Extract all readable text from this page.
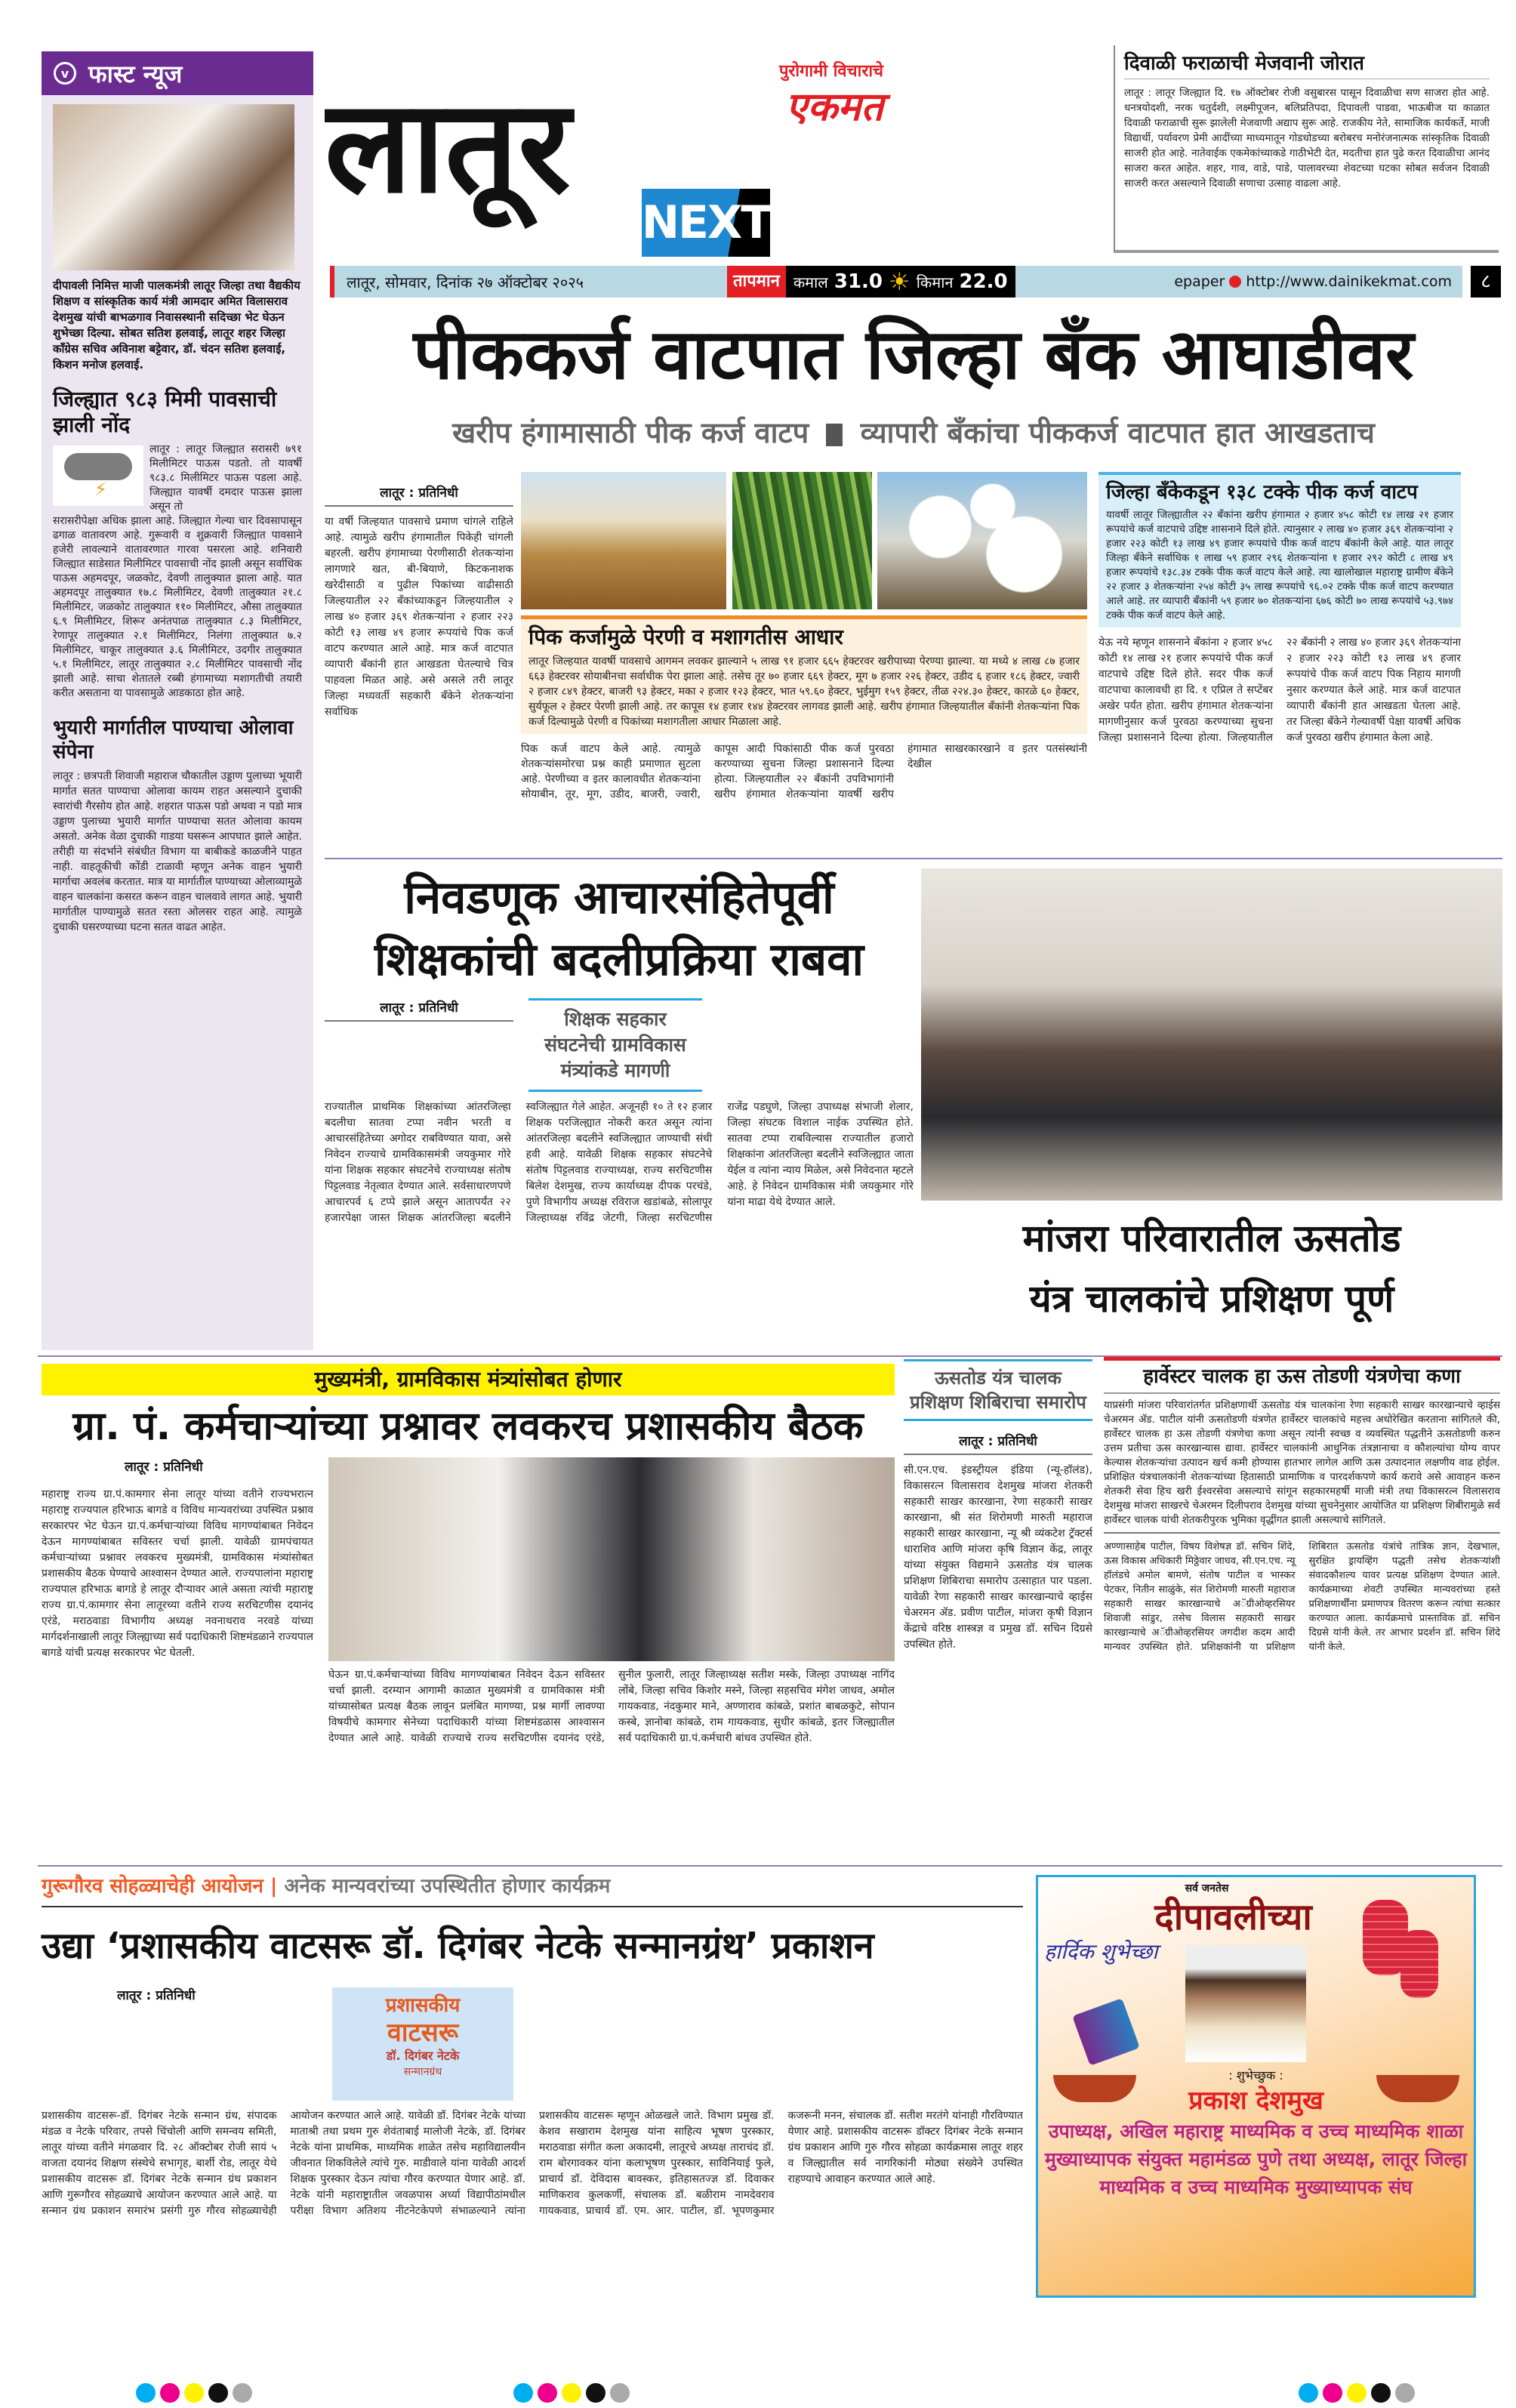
v फास्ट न्यूज
दीपावली निमित्त माजी पालकमंत्री लातूर जिल्हा तथा वैद्यकीय शिक्षण व सांस्कृतिक कार्य मंत्री आमदार अमित विलासराव देशमुख यांची बाभळगाव निवासस्थानी सदिच्छा भेट घेऊन शुभेच्छा दिल्या. सोबत सतिश हलवाई, लातूर शहर जिल्हा काँग्रेस सचिव अविनाश बट्टेवार, डॉ. चंदन सतिश हलवाई, किशन मनोज हलवाई.
जिल्ह्यात ९८३ मिमी पावसाची झाली नोंद
⚡

लातूर : लातूर जिल्ह्यात सरासरी ७९१ मिलीमिटर पाऊस पडतो. तो यावर्षी ९८३.८ मिलीमिटर पाऊस पडला आहे. जिल्ह्यात यावर्षी दमदार पाऊस झाला असून तो

सरासरीपेक्षा अधिक झाला आहे. जिल्ह्यात गेल्या चार दिवसापासून ढगाळ वातावरण आहे. गुरूवारी व शुक्रवारी जिल्ह्यात पावसाने हजेरी लावल्याने वातावरणात गारवा पसरला आहे. शनिवारी जिल्ह्यात साडेसात मिलीमिटर पावसाची नोंद झाली असून सर्वाधिक पाऊस अहमदपूर, जळकोट, देवणी तालुक्यात झाला आहे. यात अहमदपूर तालुक्यात १७.८ मिलीमिटर, देवणी तालुक्यात २१.८ मिलीमिटर, जळकोट तालुक्यात ११० मिलीमिटर, औसा तालुक्यात ६.९ मिलीमिटर, शिरूर अनंतपाळ तालुक्यात ८.३ मिलीमिटर, रेणापूर तालुक्यात २.१ मिलीमिटर, निलंगा तालुक्यात ७.२ मिलीमिटर, चाकूर तालुक्यात ३.६ मिलीमिटर, उदगीर तालुक्यात ५.१ मिलीमिटर, लातूर तालुक्यात २.८ मिलीमिटर पावसाची नोंद झाली आहे. साचा शेतातले रब्बी हंगामाच्या मशागतीची तयारी करीत असताना या पावसामुळे आडकाठा होत आहे.

भुयारी मार्गातील पाण्याचा ओलावा संपेना

लातूर : छत्रपती शिवाजी महाराज चौकातील उड्डाण पुलाच्या भूयारी मार्गात सतत पाण्याचा ओलावा कायम राहत असल्याने दुचाकी स्वारांची गैरसोय होत आहे. शहरात पाऊस पडो अथवा न पडो मात्र उड्डाण पुलाच्या भुयारी मार्गात पाण्याचा सतत ओलावा कायम असतो. अनेक वेळा दुचाकी गाडया घसरून आपघात झाले आहेत. तरीही या संदर्भाने संबंधीत विभाग या बाबीकडे काळजीने पाहत नाही. वाहतूकीची कोंडी टाळावी म्हणून अनेक वाहन भुयारी मार्गाचा अवलंब करतात. मात्र या मार्गातील पाण्याच्या ओलाव्यामुळे वाहन चालकांना कसरत करून वाहन चालवावे लागत आहे. भुयारी मार्गातील पाण्यामुळे सतत रस्ता ओलसर राहत आहे. त्यामुळे दुचाकी घसरण्याच्या घटना सतत वाढत आहेत.

लातूर
पुरोगामी विचाराचे
एकमत
NEXT
दिवाळी फराळाची मेजवानी जोरात

लातूर : लातूर जिल्ह्यात दि. १७ ऑक्टोबर रोजी वसुबारस पासून दिवाळीचा सण साजरा होत आहे. धनत्रयोदशी, नरक चतुर्दशी, लक्ष्मीपूजन, बलिप्रतिपदा, दिपावली पाडवा, भाऊबीज या काळात दिवाळी फराळाची सुरू झालेली मेजवाणी अद्याप सुरू आहे. राजकीय नेते, सामाजिक कार्यकर्ते, माजी विद्यार्थी, पर्यावरण प्रेमी आदींच्या माध्यमातून गोडधोडच्या बरोबरच मनोरंजनात्मक सांस्कृतिक दिवाळी साजरी होत आहे. नातेवाईक एकमेकांच्याकडे गाठीभेटी देत, मदतीचा हात पुढे करत दिवाळीचा आनंद साजरा करत आहेत. शहर, गाव, वाडे, पाडे, पालावरच्या शेवटच्या घटका सोबत सर्वजन दिवाळी साजरी करत असल्याने दिवाळी सणाचा उत्साह वाढला आहे.

लातूर, सोमवार, दिनांक २७ ऑक्टोबर २०२५	तापमान कमाल 31.0 ☀ किमान 22.0	epaper http://www.dainikekmat.com	८
पीककर्ज वाटपात जिल्हा बँक आघाडीवर
खरीप हंगामासाठी पीक कर्ज वाटप व्यापारी बँकांचा पीककर्ज वाटपात हात आखडताच
लातूर : प्रतिनिधी

या वर्षी जिल्हयात पावसाचे प्रमाण चांगले राहिले आहे. त्यामुळे खरीप हंगामातील पिकेही चांगली बहरली. खरीप हंगामाच्या पेरणीसाठी शेतकऱ्यांना लागणारे खत, बी-बियाणे, किटकनाशक खरेदीसाठी व पुढील पिकांच्या वाढीसाठी जिल्हयातील २२ बँकांच्याकडून जिल्हयातील २ लाख ४० हजार ३६९ शेतकऱ्यांना २ हजार २२३ कोटी १३ लाख ४९ हजार रूपयांचे पिक कर्ज वाटप करण्यात आले आहे. मात्र कर्ज वाटपात व्यापारी बँकांनी हात आखडता घेतल्याचे चित्र पाहवला मिळत आहे. असे असले तरी लातूर जिल्हा मध्यवर्ती सहकारी बँकेने शेतकऱ्यांना सर्वाधिक

पिक कर्जामुळे पेरणी व मशागतीस आधार

लातूर जिल्हयात यावर्षी पावसाचे आगमन लवकर झाल्याने ५ लाख ९१ हजार ६६५ हेक्टरवर खरीपाच्या पेरण्या झाल्या. या मध्ये ४ लाख ८७ हजार ६६३ हेक्टरवर सोयाबीनचा सर्वाधीक पेरा झाला आहे. तसेच तूर ७० हजार ६६९ हेक्टर, मूग ७ हजार २२६ हेक्टर, उडीद ६ हजार १८६ हेक्टर, ज्वारी २ हजार ८४९ हेक्टर, बाजरी ९३ हेक्टर, मका २ हजार १२३ हेक्टर, भात ५९.६० हेक्टर, भुईमुग १५९ हेक्टर, तीळ २२४.३० हेक्टर, कारळे ६० हेक्टर, सुर्यफूल २ हेक्टर पेरणी झाली आहे. तर कापूस १४ हजार १४४ हेक्टरवर लागवड झाली आहे. खरीप हंगामात जिल्हयातील बँकांनी शेतकऱ्यांना पिक कर्ज दिल्यामुळे पेरणी व पिकांच्या मशागतीला आधार मिळाला आहे.

पिक कर्ज वाटप केले आहे. त्यामुळे शेतकऱ्यांसमोरचा प्रश्न काही प्रमाणात सुटला आहे. पेरणीच्या व इतर कालावधीत शेतकऱ्यांना सोयाबीन, तूर, मूग, उडीद, बाजरी, ज्वारी, कापूस आदी पिकांसाठी पीक कर्ज पुरवठा करण्याच्या सुचना जिल्हा प्रशासनाने दिल्या होत्या. जिल्हयातील २२ बँकांनी उपविभागांनी खरीप हंगामात शेतकऱ्यांना यावर्षी खरीप हंगामात साखरकारखाने व इतर पतसंस्थांनी देखील

जिल्हा बँकेकडून १३८ टक्के पीक कर्ज वाटप

यावर्षी लातूर जिल्ह्यातील २२ बँकांना खरीप हंगामात २ हजार ४५८ कोटी १४ लाख २१ हजार रूपयांचे कर्ज वाटपाचे उद्दिष्ट शासनाने दिले होते. त्यानुसार २ लाख ४० हजार ३६९ शेतकऱ्यांना २ हजार २२३ कोटी १३ लाख ४९ हजार रूपयांचे पीक कर्ज वाटप बँकांनी केले आहे. यात लातूर जिल्हा बँकेने सर्वाधिक १ लाख ५९ हजार २९६ शेतकऱ्यांना १ हजार २९२ कोटी ८ लाख ४९ हजार रूपयांचे १३८.३४ टक्के पीक कर्ज वाटप केले आहे. त्या खालोखाल महाराष्ट्र ग्रामीण बँकेने २२ हजार ३ शेतकऱ्यांना २५४ कोटी ३५ लाख रूपयांचे ९६.०२ टक्के पीक कर्ज वाटप करण्यात आले आहे. तर व्यापारी बँकांनी ५९ हजार ७० शेतकऱ्यांना ६७६ कोटी ७० लाख रूपयांचे ५३.९७४ टक्के पीक कर्ज वाटप केले आहे.

येऊ नये म्हणून शासनाने बँकांना २ हजार ४५८ कोटी १४ लाख २१ हजार रूपयांचे पीक कर्ज वाटपाचे उद्दिष्ट दिले होते. सदर पीक कर्ज वाटपाचा कालावधी हा दि. १ एप्रिल ते सप्टेंबर अखेर पर्यंत होता. खरीप हंगामात शेतकऱ्यांना मागणीनुसार कर्ज पुरवठा करण्याच्या सुचना जिल्हा प्रशासनाने दिल्या होत्या. जिल्हयातील २२ बँकांनी २ लाख ४० हजार ३६९ शेतकऱ्यांना २ हजार २२३ कोटी १३ लाख ४९ हजार रूपयांचे पीक कर्ज वाटप पिक निहाय मागणी नुसार करण्यात केले आहे. मात्र कर्ज वाटपात व्यापारी बँकांनी हात आखडता घेतला आहे. तर जिल्हा बँकेने गेल्यावर्षी पेक्षा यावर्षी अधिक कर्ज पुरवठा खरीप हंगामात केला आहे.

निवडणूक आचारसंहितेपूर्वी
शिक्षकांची बदलीप्रक्रिया राबवा
लातूर : प्रतिनिधी	शिक्षक सहकार संघटनेची ग्रामविकास मंत्र्यांकडे मागणी

राज्यातील प्राथमिक शिक्षकांच्या आंतरजिल्हा बदलीचा सातवा टप्पा नवीन भरती व आचारसंहितेच्या अगोदर राबविण्यात यावा, असे निवेदन राज्याचे ग्रामविकासमंत्री जयकुमार गोरे यांना शिक्षक सहकार संघटनेचे राज्याध्यक्ष संतोष पिट्टलवाड नेतृत्वात देण्यात आले. सर्वसाधारणपणे आचारपर्व ६ टप्पे झाले असून आतापर्यंत २२ हजारपेक्षा जास्त शिक्षक आंतरजिल्हा बदलीने स्वजिल्ह्यात गेले आहेत. अजूनही १० ते १२ हजार शिक्षक परजिल्ह्यात नोकरी करत असून त्यांना आंतरजिल्हा बदलीने स्वजिल्ह्यात जाण्याची संधी हवी आहे. यावेळी शिक्षक सहकार संघटनेचे संतोष पिट्टलवाड राज्याध्यक्ष, राज्य सरचिटणीस बिलेश देशमुख, राज्य कार्याध्यक्ष दीपक परचंडे, पुणे विभागीय अध्यक्ष रविराज खडांबळे, सोलापूर जिल्हाध्यक्ष रविंद्र जेटगी, जिल्हा सरचिटणीस राजेंद्र पडघुणे, जिल्हा उपाध्यक्ष संभाजी शेलार, जिल्हा संघटक विशाल नाईक उपस्थित होते. सातवा टप्पा राबविल्यास राज्यातील हजारो शिक्षकांना आंतरजिल्हा बदलीने स्वजिल्ह्यात जाता येईल व त्यांना न्याय मिळेल, असे निवेदनात म्हटले आहे. हे निवेदन ग्रामविकास मंत्री जयकुमार गोरे यांना माढा येथे देण्यात आले.

मांजरा परिवारातील ऊसतोड
यंत्र चालकांचे प्रशिक्षण पूर्ण
मुख्यमंत्री, ग्रामविकास मंत्र्यांसोबत होणार
ग्रा. पं. कर्मचाऱ्यांच्या प्रश्नावर लवकरच प्रशासकीय बैठक
लातूर : प्रतिनिधी

महाराष्ट्र राज्य ग्रा.पं.कामगार सेना लातूर यांच्या वतीने राज्यभरात्न महाराष्ट्र राज्यपाल हरिभाऊ बागडे व विविध मान्यवरांच्या उपस्थित प्रश्नाव सरकारपर भेट घेऊन ग्रा.पं.कर्मचाऱ्यांच्या विविध मागण्यांबाबत निवेदन देऊन मागण्यांबाबत सविस्तर चर्चा झाली. यावेळी ग्रामपंचायत कर्मचाऱ्यांच्या प्रश्नावर लवकरच मुख्यमंत्री, ग्रामविकास मंत्र्यांसोबत प्रशासकीय बैठक घेण्याचे आश्वासन देण्यात आले. राज्यपालांना महाराष्ट्र राज्यपाल हरिभाऊ बागडे हे लातूर दौऱ्यावर आले असता त्यांची महाराष्ट्र राज्य ग्रा.पं.कामगार सेना लातूरच्या वतीने राज्य सरचिटणीस दयानंद एरंडे, मराठवाडा विभागीय अध्यक्ष नवनाथराव नरवडे यांच्या मार्गदर्शनाखाली लातूर जिल्ह्याच्या सर्व पदाधिकारी शिष्टमंडळाने राज्यपाल बागडे यांची प्रत्यक्ष सरकारपर भेट घेतली.

घेऊन ग्रा.पं.कर्मचाऱ्यांच्या विविध मागण्यांबाबत निवेदन देऊन सविस्तर चर्चा झाली. दरम्यान आगामी काळात मुख्यमंत्री व ग्रामविकास मंत्री यांच्यासोबत प्रत्यक्ष बैठक लावून प्रलंबित मागण्या, प्रश्न मार्गी लावण्या विषयीचे कामगार सेनेच्या पदाधिकारी यांच्या शिष्टमंडळास आश्वासन देण्यात आले आहे. यावेळी राज्याचे राज्य सरचिटणीस दयानंद एरंडे, सुनील फुलारी, लातूर जिल्हाध्यक्ष सतीश मस्के, जिल्हा उपाध्यक्ष नागिंद लोंबे, जिल्हा सचिव किशोर मस्ने, जिल्हा सहसचिव मंगेश जाधव, अमोल गायकवाड, नंदकुमार माने, अण्णाराव कांबळे, प्रशांत बाबळकुटे, सोपान कस्बे, ज्ञानोबा कांबळे, राम गायकवाड, सुधीर कांबळे, इतर जिल्ह्यातील सर्व पदाधिकारी ग्रा.पं.कर्मचारी बांधव उपस्थित होते.

ऊसतोड यंत्र चालक प्रशिक्षण शिबिराचा समारोप
लातूर : प्रतिनिधी

सी.एन.एच. इंडस्ट्रीयल इंडिया (न्यू-हॉलंड), विकासरत्न विलासराव देशमुख मांजरा शेतकरी सहकारी साखर कारखाना, रेणा सहकारी साखर कारखाना, श्री संत शिरोमणी मारुती महाराज सहकारी साखर कारखाना, न्यू श्री व्यंकटेश ट्रॅक्टर्स धाराशिव आणि मांजरा कृषि विज्ञान केंद्र, लातूर यांच्या संयुक्त विद्यमाने ऊसतोड यंत्र चालक प्रशिक्षण शिबिराचा समारोप उत्साहात पार पडला. यावेळी रेणा सहकारी साखर कारखान्याचे व्हाईस चेअरमन ॲड. प्रवीण पाटील, मांजरा कृषी विज्ञान केंद्राचे वरिष्ठ शास्त्रज्ञ व प्रमुख डॉ. सचिन दिग्रसे उपस्थित होते.

हार्वेस्टर चालक हा ऊस तोडणी यंत्रणेचा कणा

याप्रसंगी मांजरा परिवारांतर्गत प्रशिक्षणार्थी ऊसतोड यंत्र चालकांना रेणा सहकारी साखर कारखान्याचे व्हाईस चेअरमन ॲड. पाटील यांनी ऊसतोडणी यंत्रणेत हार्वेस्टर चालकांचे महत्त्व अधोरेखित करताना सांगितले की, हार्वेस्टर चालक हा ऊस तोडणी यंत्रणेचा कणा असून त्यांनी स्वच्छ व व्यवस्थित पद्धतीने ऊसतोडणी करुन उत्तम प्रतीचा ऊस कारखान्यास द्यावा. हार्वेस्टर चालकांनी आधुनिक तंत्रज्ञानाचा व कौशल्यांचा योग्य वापर केल्यास शेतकऱ्यांचा उत्पादन खर्च कमी होण्यास हातभार लागेल आणि ऊस उत्पादनात लक्षणीय वाढ होईल. प्रशिक्षित यंत्रचालकांनी शेतकऱ्यांच्या हितासाठी प्रामाणिक व पारदर्शकपणे कार्य करावे असे आवाहन करुन शेतकरी सेवा हिच खरी ईश्वरसेवा असल्याचे सांगून सहकारमहर्षी माजी मंत्री तथा विकासरत्न विलासराव देशमुख मांजरा साखरचे चेअरमन दिलीपराव देशमुख यांच्या सुचनेनुसार आयोजित या प्रशिक्षण शिबीरामुळे सर्व हार्वेस्टर चालक यांची शेतकरीपुरक भुमिका वृद्धींगत झाली असल्याचे सांगितले.

अण्णासाहेब पाटील, विषय विशेषज्ञ डॉ. सचिन शिंदे, ऊस विकास अधिकारी मिठ्ठेवार जाधव, सी.एन.एच. न्यू हॉलंडचे अमोल बामणे, संतोष पाटील व भास्कर पेटकर, नितीन साळुंके, संत शिरोमणी मारुती महाराज सहकारी साखर कारखान्याचे अॅग्रीओव्हरसियर शिवाजी सांडुर, तसेच विलास सहकारी साखर कारखान्याचे अॅग्रीओव्हरसियर जगदीश कदम आदी मान्यवर उपस्थित होते. प्रशिक्षकांनी या प्रशिक्षण शिबिरात ऊसतोड यंत्रांचे तांत्रिक ज्ञान, देखभाल, सुरक्षित ड्रायव्हिंग पद्धती तसेच शेतकऱ्यांशी संवादकौशल्य यावर प्रत्यक्ष प्रशिक्षण देण्यात आले. कार्यक्रमाच्या शेवटी उपस्थित मान्यवरांच्या हस्ते प्रशिक्षणार्थींना प्रमाणपत्र वितरण करून त्यांचा सत्कार करण्यात आला. कार्यक्रमाचे प्रास्ताविक डॉ. सचिन दिग्रसे यांनी केले. तर आभार प्रदर्शन डॉ. सचिन शिंदे यांनी केले.

गुरूगौरव सोहळ्याचेही आयोजन | अनेक मान्यवरांच्या उपस्थितीत होणार कार्यक्रम
उद्या ‘प्रशासकीय वाटसरू डॉ. दिगंबर नेटके सन्मानग्रंथ’ प्रकाशन
लातूर : प्रतिनिधी	प्रशासकीय
वाटसरू
डॉ. दिगंबर नेटके
सन्मानग्रंथ

प्रशासकीय वाटसरू-डॉ. दिगंबर नेटके सन्मान ग्रंथ, संपादक मंडळ व नेटके परिवार, तपसे चिंचोली आणि समन्वय समिती, लातूर यांच्या वतीने मंगळवार दि. २८ ऑक्टोबर रोजी सायं ५ वाजता दयानंद शिक्षण संस्थेचे सभागृह, बार्शी रोड, लातूर येथे प्रशासकीय वाटसरू डॉ. दिगंबर नेटके सन्मान ग्रंथ प्रकाशन आणि गुरूगौरव सोहळ्याचे आयोजन करण्यात आले आहे. या सन्मान ग्रंथ प्रकाशन समारंभ प्रसंगी गुरु गौरव सोहळ्याचेही आयोजन करण्यात आले आहे. यावेळी डॉ. दिगंबर नेटके यांच्या माताश्री तथा प्रथम गुरु शेवंताबाई मालोजी नेटके, डॉ. दिगंबर नेटके यांना प्राथमिक, माध्यमिक शाळेत तसेच महाविद्यालयीन जीवनात शिकविलेले त्यांचे गुरु. माडीवाले यांना यावेळी आदर्श शिक्षक पुरस्कार देऊन त्यांचा गौरव करण्यात येणार आहे. डॉ. नेटके यांनी महाराष्ट्रातील जवळपास अर्ध्या विद्यापीठांमधील परीक्षा विभाग अतिशय नीटनेटकेपणे संभाळल्याने त्यांना प्रशासकीय वाटसरू म्हणून ओळखले जाते. विभाग प्रमुख डॉ. केशव सखाराम देशमुख यांना साहित्य भूषण पुरस्कार, मराठवाडा संगीत कला अकादमी, लातूरचे अध्यक्ष ताराचंद डॉ. राम बोरगावकर यांना कलाभूषण पुरस्कार, साविनियाई फुले, प्राचार्य डॉ. देविदास बावस्कर, इतिहासतज्ज्ञ डॉ. दिवाकर माणिकराव कुलकर्णी, संचालक डॉ. बळीराम नामदेवराव गायकवाड, प्राचार्य डॉ. एम. आर. पाटील, डॉ. भूपणकुमार कजरूनी मनन, संचालक डॉ. सतीश मरतंगे यांनाही गौरविण्यात येणार आहे. प्रशासकीय वाटसरू डॉक्टर दिगंबर नेटके सन्मान ग्रंथ प्रकाशन आणि गुरु गौरव सोहळा कार्यक्रमास लातूर शहर व जिल्ह्यातील सर्व नागरिकांनी मोठ्या संख्येने उपस्थित राहण्याचे आवाहन करण्यात आले आहे.

सर्व जनतेस
दीपावलीच्या
हार्दिक शुभेच्छा
: शुभेच्छुक :
प्रकाश देशमुख
उपाध्यक्ष, अखिल महाराष्ट्र माध्यमिक व उच्च माध्यमिक शाळा मुख्याध्यापक संयुक्त महामंडळ पुणे तथा अध्यक्ष, लातूर जिल्हा माध्यमिक व उच्च माध्यमिक मुख्याध्यापक संघ
